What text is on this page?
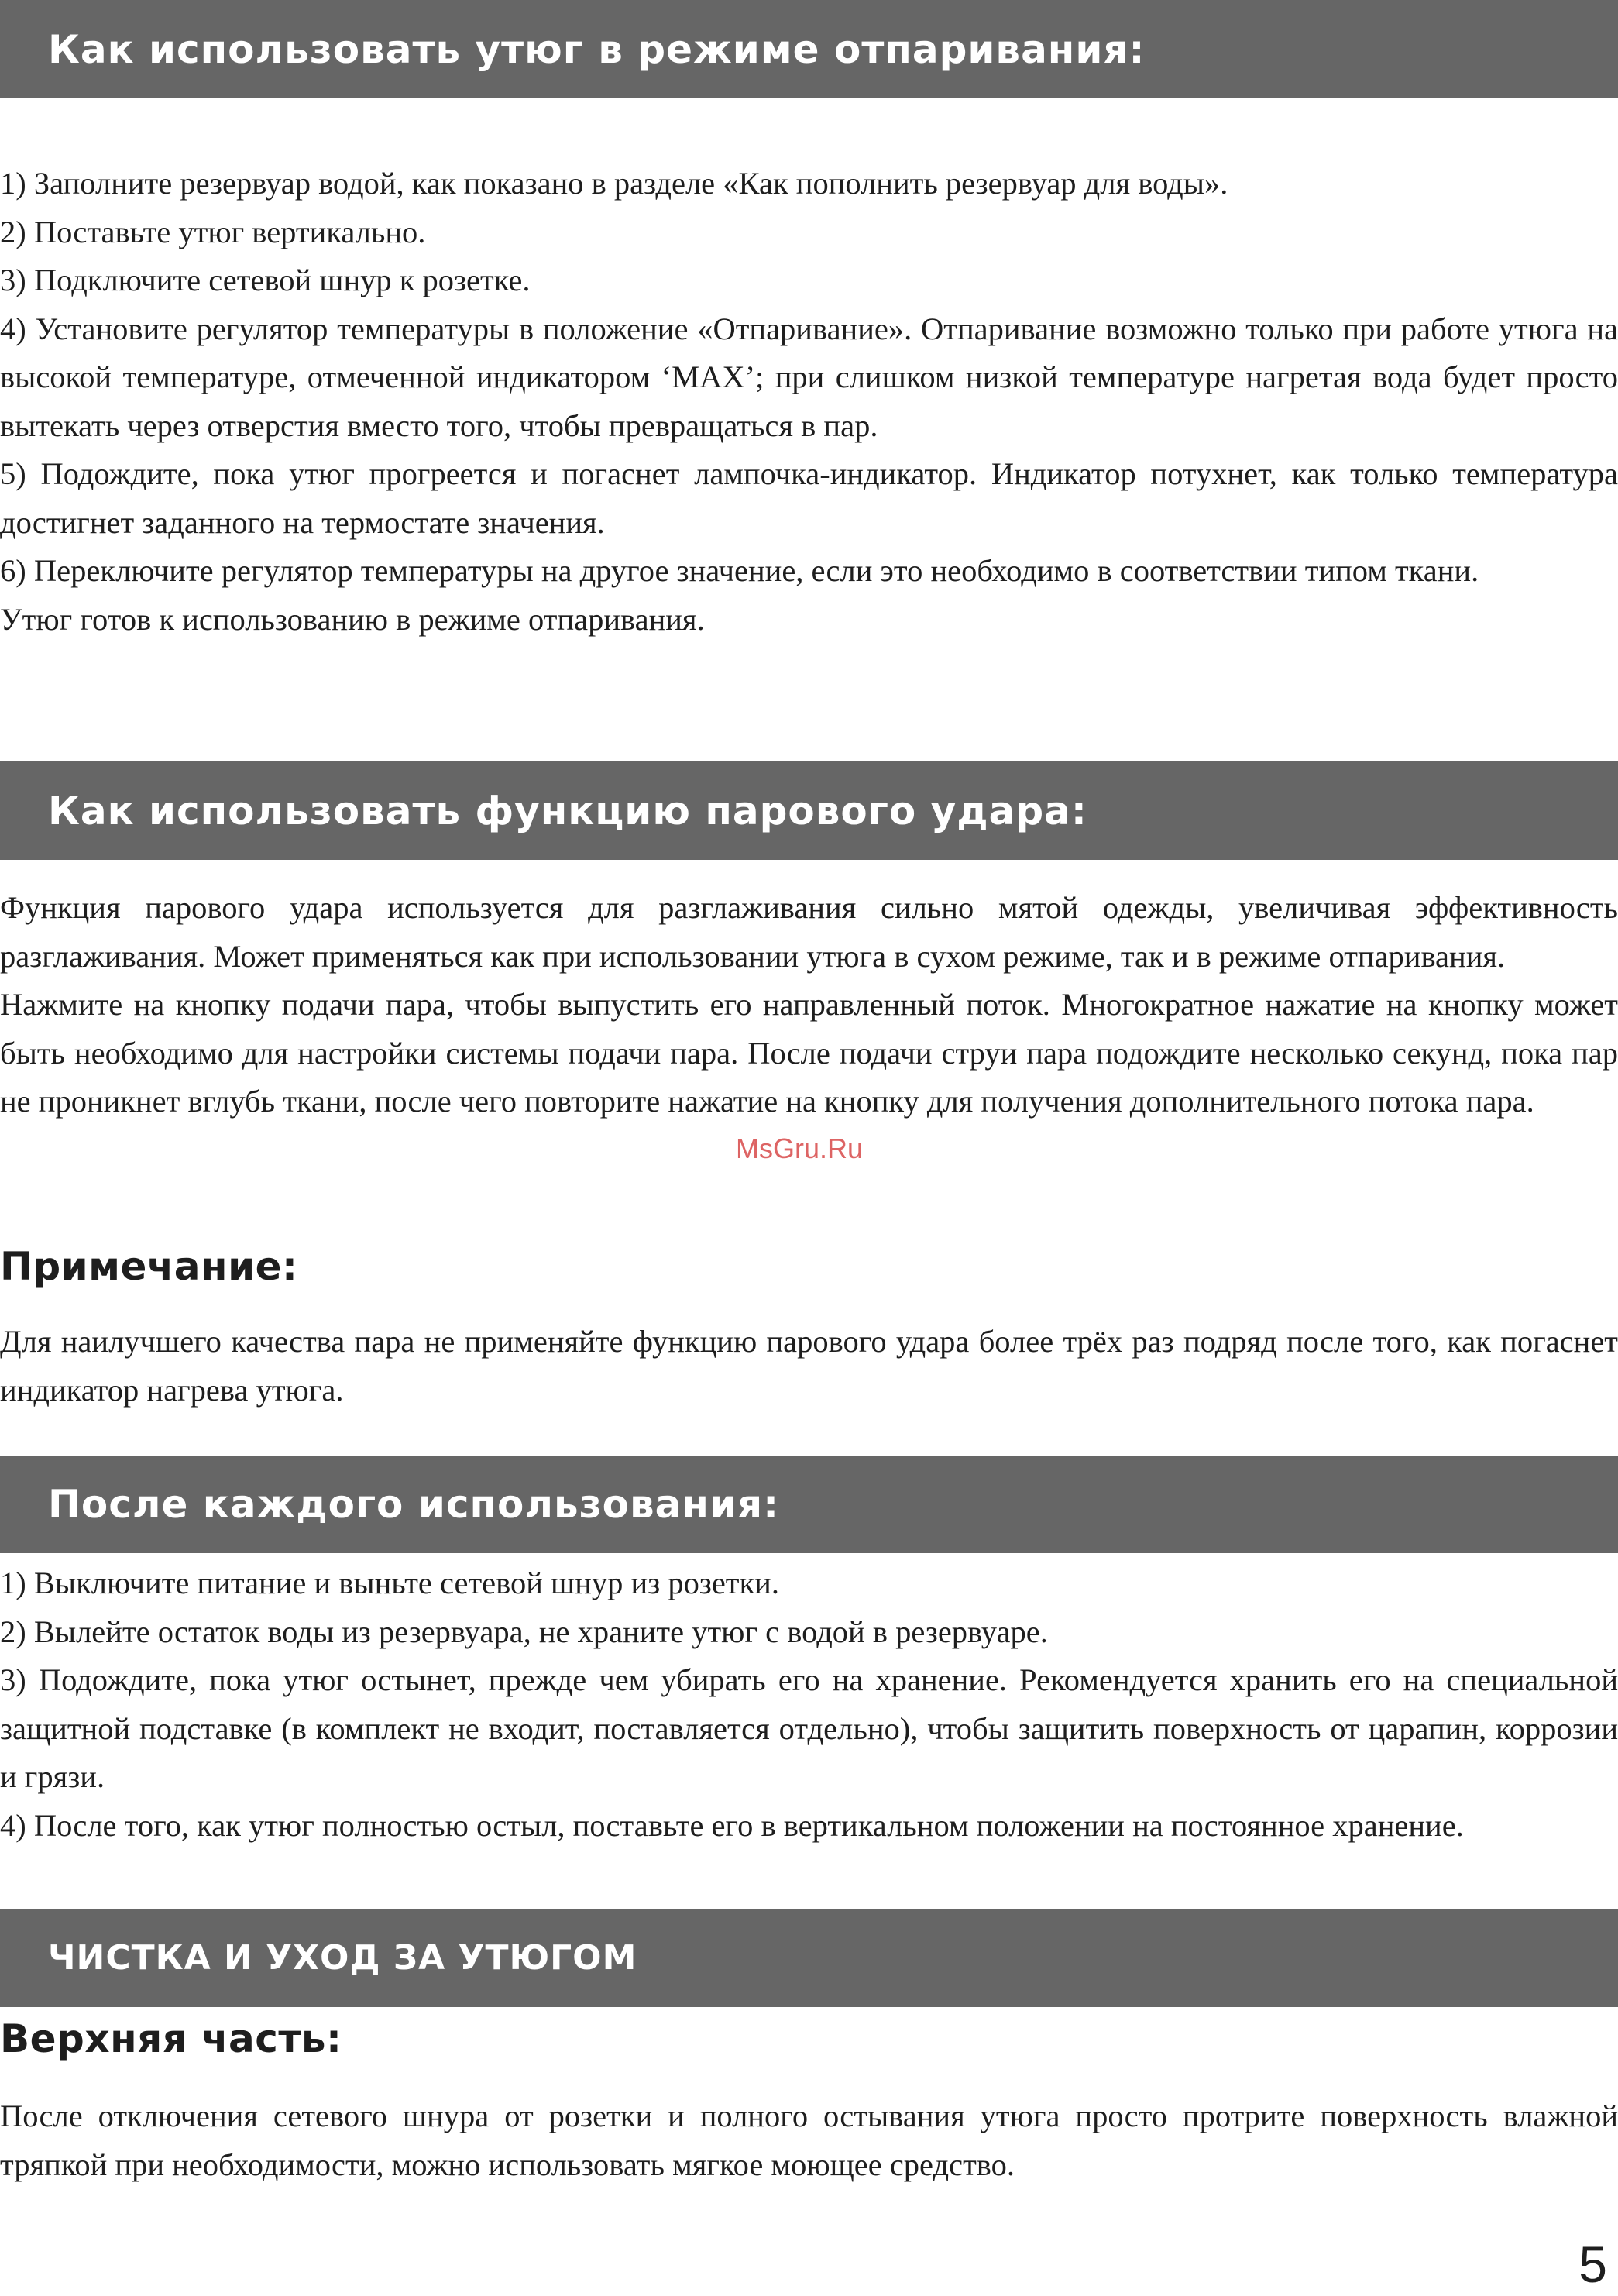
Как использовать утюг в режиме отпаривания:

1) Заполните резервуар водой, как показано в разделе «Как пополнить резервуар для воды».

2) Поставьте утюг вертикально.

3) Подключите сетевой шнур к розетке.

4) Установите регулятор температуры в положение «Отпаривание». Отпаривание возможно только при работе утюга на высокой температуре, отмеченной индикатором ‘MAX’; при слишком низкой температуре нагретая вода будет просто вытекать через отверстия вместо того, чтобы превращаться в пар.

5) Подождите, пока утюг прогреется и погаснет лампочка-индикатор. Индикатор потухнет, как только температура достигнет заданного на термостате значения.

6) Переключите регулятор температуры на другое значение, если это необходимо в соответствии типом ткани.

Утюг готов к использованию в режиме отпаривания.

Как использовать функцию парового удара:

Функция парового удара используется для разглаживания сильно мятой одежды, увеличивая эффективность разглаживания. Может применяться как при использовании утюга в сухом режиме, так и в режиме отпаривания.

Нажмите на кнопку подачи пара, чтобы выпустить его направленный поток. Многократное нажатие на кнопку может быть необходимо для настройки системы подачи пара. После подачи струи пара подождите несколько секунд, пока пар не проникнет вглубь ткани, после чего повторите нажатие на кнопку для получения дополнительного потока пара.

MsGru.Ru
Примечание:

Для наилучшего качества пара не применяйте функцию парового удара более трёх раз подряд после того, как погаснет индикатор нагрева утюга.

После каждого использования:

1) Выключите питание и выньте сетевой шнур из розетки.

2) Вылейте остаток воды из резервуара, не храните утюг с водой в резервуаре.

3) Подождите, пока утюг остынет, прежде чем убирать его на хранение. Рекомендуется хранить его на специальной защитной подставке (в комплект не входит, поставляется отдельно), чтобы защитить поверхность от царапин, коррозии и грязи.

4) После того, как утюг полностью остыл, поставьте его в вертикальном положении на постоянное хранение.

ЧИСТКА И УХОД ЗА УТЮГОМ
Верхняя часть:

После отключения сетевого шнура от розетки и полного остывания утюга просто протрите поверхность влажной тряпкой при необходимости, можно использовать мягкое моющее средство.

5
